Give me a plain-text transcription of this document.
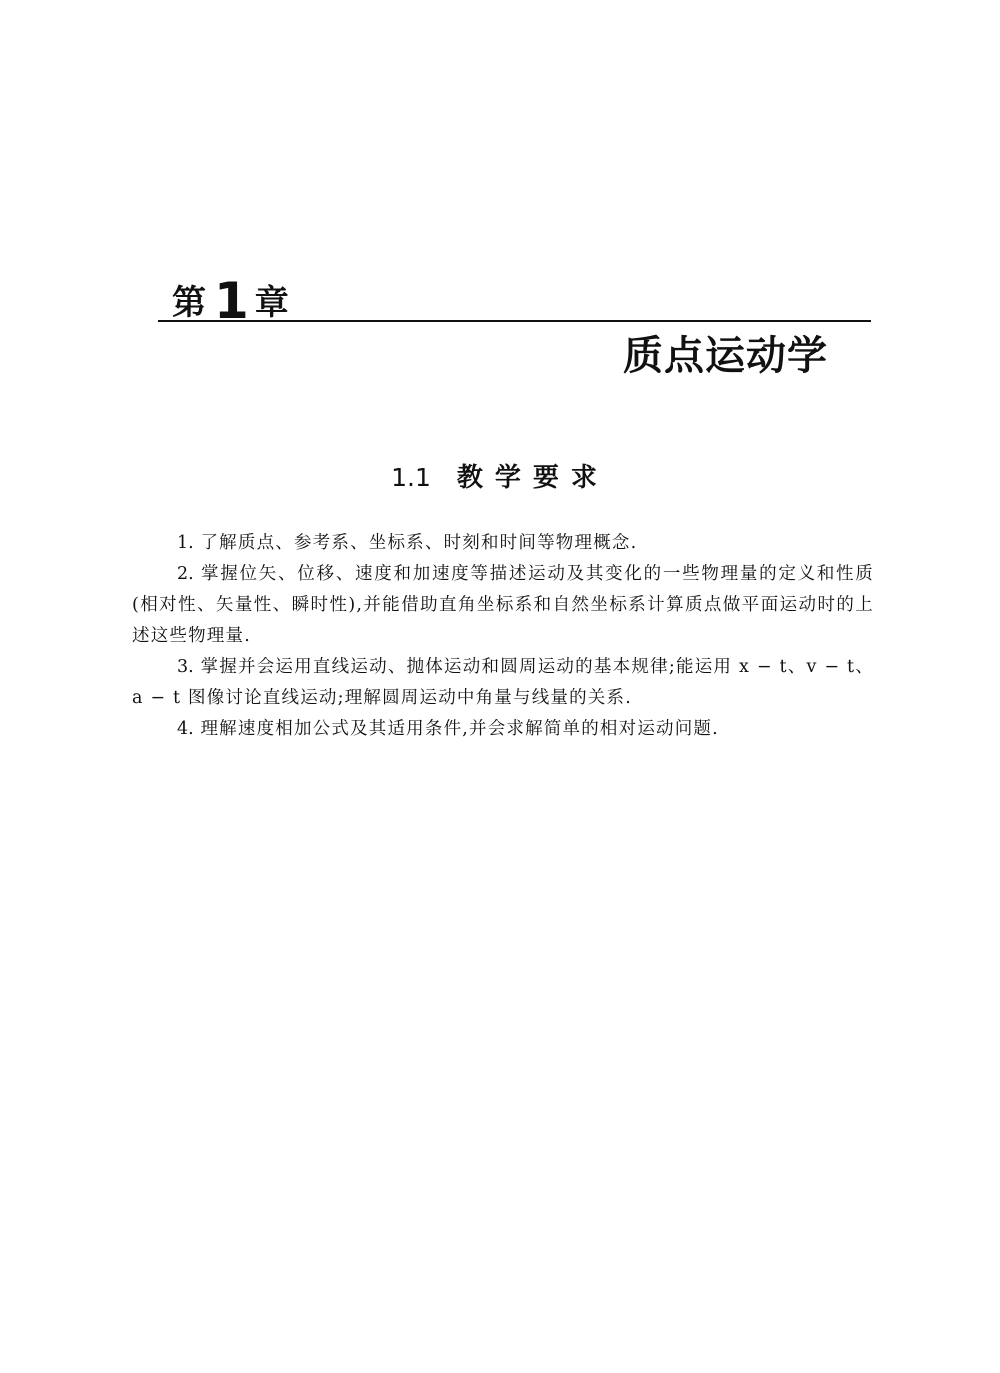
第 1 章
质点运动学
1.1 教学要求
1. 了解质点、参考系、坐标系、时刻和时间等物理概念.
2. 掌握位矢、位移、速度和加速度等描述运动及其变化的一些物理量的定义和性质(相对性、矢量性、瞬时性),并能借助直角坐标系和自然坐标系计算质点做平面运动时的上述这些物理量.
3. 掌握并会运用直线运动、抛体运动和圆周运动的基本规律;能运用 x − t、v − t、a − t 图像讨论直线运动;理解圆周运动中角量与线量的关系.
4. 理解速度相加公式及其适用条件,并会求解简单的相对运动问题.
